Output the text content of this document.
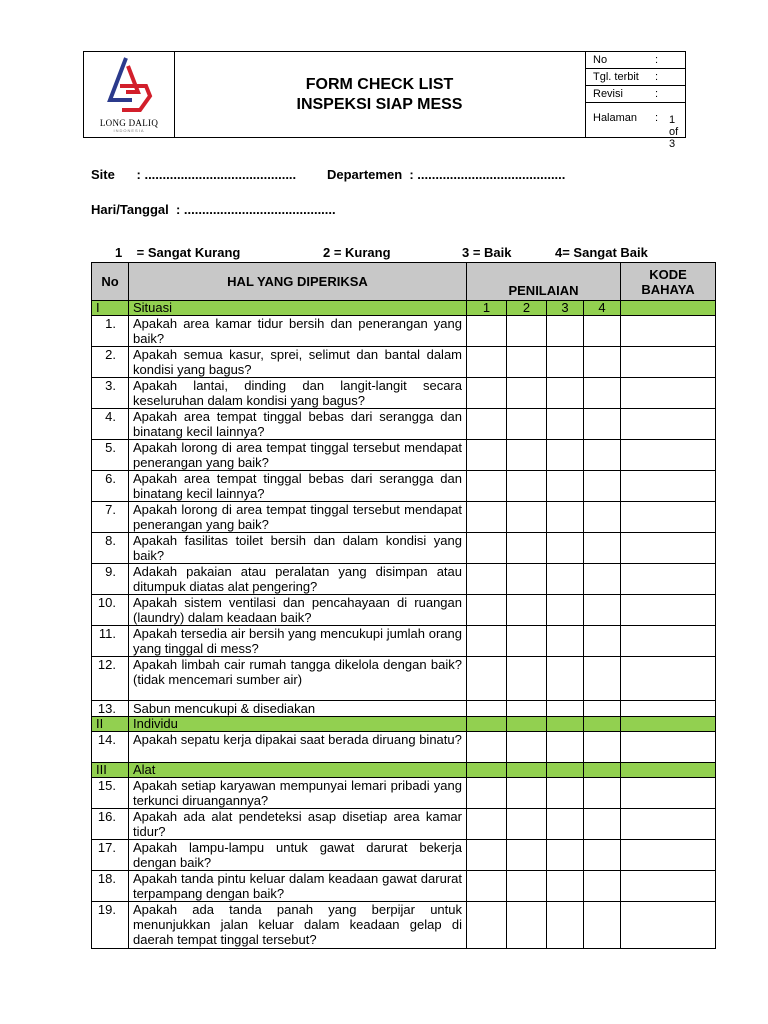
LONG DALIQ
INDONESIA
FORM CHECK LIST
INSPEKSI SIAP MESS
No	:
Tgl. terbit :
Revisi	:
Halaman : 1 of 3
Site      : .......................................... Departemen  : .........................................
Hari/Tanggal  : ..........................................
1    = Sangat Kurang	2 = Kurang	3 = Baik	4= Sangat Baik
No	HAL YANG DIPERIKSA	PENILAIAN				KODE
BAHAYA

I	Situasi	1	2	3	4	
1.	Apakah area kamar tidur bersih dan penerangan yang baik?					
2.	Apakah semua kasur, sprei, selimut dan bantal dalam kondisi yang bagus?					
3.	Apakah lantai, dinding dan langit-langit secara keseluruhan dalam kondisi yang bagus?					
4.	Apakah area tempat tinggal bebas dari serangga dan binatang kecil lainnya?					
5.	Apakah lorong di area tempat tinggal tersebut mendapat penerangan yang baik?					
6.	Apakah area tempat tinggal bebas dari serangga dan binatang kecil lainnya?					
7.	Apakah lorong di area tempat tinggal tersebut mendapat penerangan yang baik?					
8.	Apakah fasilitas toilet bersih dan dalam kondisi yang baik?					
9.	Adakah pakaian atau peralatan yang disimpan atau ditumpuk diatas alat pengering?					
10.	Apakah sistem ventilasi dan pencahayaan di ruangan (laundry) dalam keadaan baik?					
11.	Apakah tersedia air bersih yang mencukupi jumlah orang yang tinggal di mess?					
12.	Apakah limbah cair rumah tangga dikelola dengan baik? (tidak mencemari sumber air)					
13.	Sabun mencukupi & disediakan					
II	Individu					
14.	Apakah sepatu kerja dipakai saat berada diruang binatu?					
III	Alat					
15.	Apakah setiap karyawan mempunyai lemari pribadi yang terkunci diruangannya?					
16.	Apakah ada alat pendeteksi asap disetiap area kamar tidur?					
17.	Apakah lampu-lampu untuk gawat darurat bekerja dengan baik?					
18.	Apakah tanda pintu keluar dalam keadaan gawat darurat terpampang dengan baik?					
19.	Apakah ada tanda panah yang berpijar untuk menunjukkan jalan keluar dalam keadaan gelap di daerah tempat tinggal tersebut?					
